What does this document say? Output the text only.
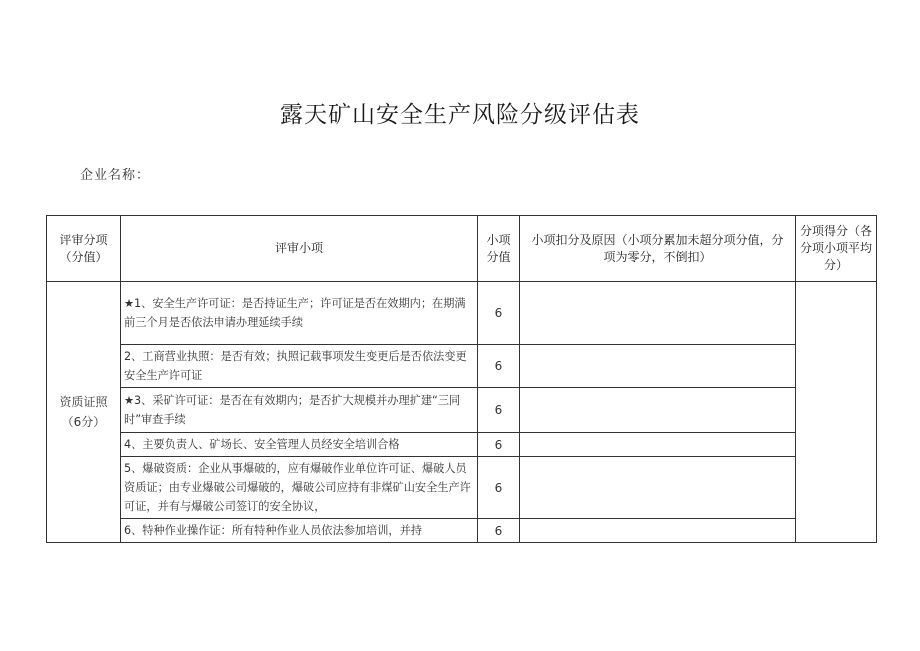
露天矿山安全生产风险分级评估表
企业名称：
评审分项（分值）	评审小项	小项分值	小项扣分及原因（小项分累加未超分项分值，分项为零分，不倒扣）	分项得分（各分项小项平均分）
资质证照（6分）	★1、安全生产许可证：是否持证生产；许可证是否在效期内；在期满前三个月是否依法申请办理延续手续	6		
	2、工商营业执照：是否有效；执照记载事项发生变更后是否依法变更安全生产许可证	6		
	★3、采矿许可证：是否在有效期内；是否扩大规模并办理扩建“三同时”审查手续	6		
	4、主要负责人、矿场长、安全管理人员经安全培训合格	6		
	5、爆破资质：企业从事爆破的，应有爆破作业单位许可证、爆破人员资质证；由专业爆破公司爆破的，爆破公司应持有非煤矿山安全生产许可证，并有与爆破公司签订的安全协议，	6		
	6、特种作业操作证：所有特种作业人员依法参加培训，并持	6		
